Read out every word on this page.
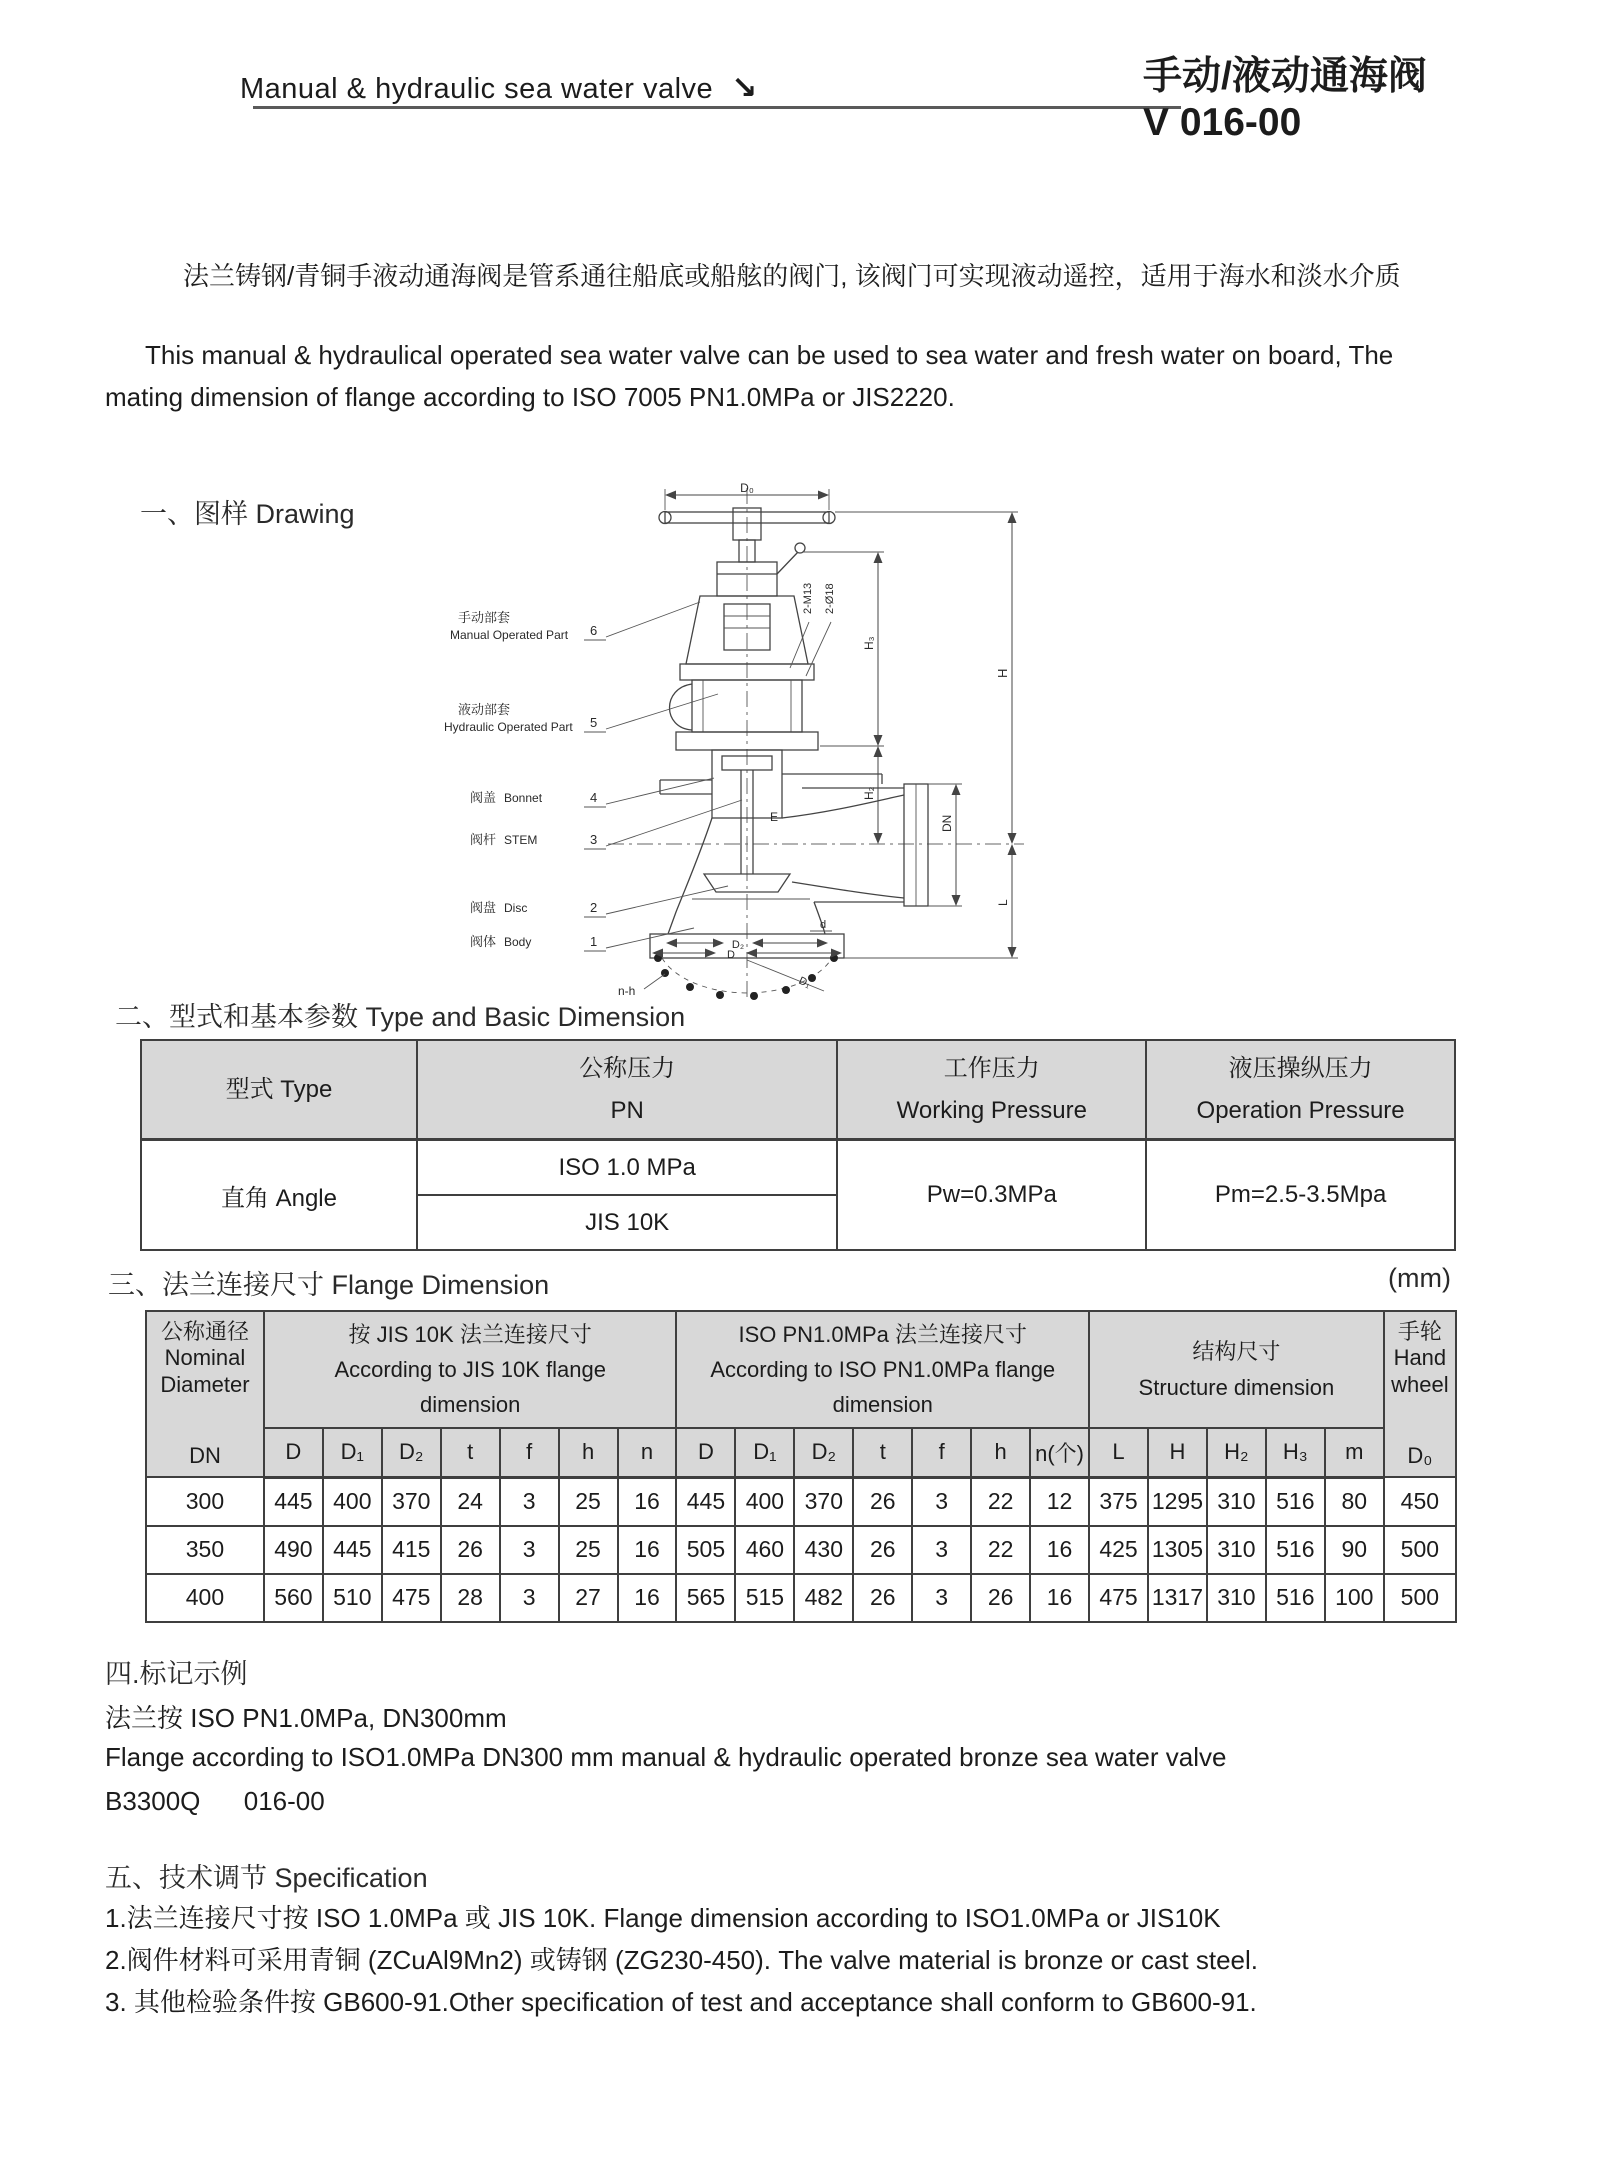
Manual & hydraulic sea water valve ↘	手动/液动通海阀
V 016-00
法兰铸钢/青铜手液动通海阀是管系通往船底或船舷的阀门, 该阀门可实现液动遥控，适用于海水和淡水介质
This manual & hydraulical operated sea water valve can be used to sea water and fresh water on board, The
mating dimension of flange according to ISO 7005 PN1.0MPa or JIS2220.
一、图样 Drawing
D₀
E
n-h
d
D₂
D
D₁
H₃
H₂
DN
H
L
2-M13 2-Ø18
手动部套
Manual Operated Part 6
液动部套
Hydraulic Operated Part 5
阀盖 Bonnet	4
阀杆 STEM	3
阀盘 Disc	2
阀体 Body	1
二、型式和基本参数 Type and Basic Dimension
型式 Type	
公称压力
PN

工作压力
Working Pressure

液压操纵压力
Operation Pressure

直角 Angle	ISO 1.0 MPa	Pw=0.3MPa	Pm=2.5-3.5Mpa
	JIS 10K		
三、法兰连接尺寸 Flange Dimension	(mm)
公称通径
Nominal
Diameter
DN

按 JIS 10K 法兰连接尺寸
According to JIS 10K flange
dimension

ISO PN1.0MPa 法兰连接尺寸
According to ISO PN1.0MPa flange
dimension

结构尺寸
Structure dimension

手轮
Hand
wheel
D₀

	D	D₁	D₂	t	f	h	n	D	D₁	D₂	t	f	h	n(个)	L	H	H₂	H₃	m	
300	445	400	370	24	3	25	16	445	400	370	26	3	22	12	375	1295	310	516	80	450
350	490	445	415	26	3	25	16	505	460	430	26	3	22	16	425	1305	310	516	90	500
400	560	510	475	28	3	27	16	565	515	482	26	3	26	16	475	1317	310	516	100	500
四.标记示例
法兰按 ISO PN1.0MPa, DN300mm
Flange according to ISO1.0MPa DN300 mm manual & hydraulic operated bronze sea water valve
B3300Q      016-00
五、技术调节 Specification
1.法兰连接尺寸按 ISO 1.0MPa 或 JIS 10K. Flange dimension according to ISO1.0MPa or JIS10K
2.阀件材料可采用青铜 (ZCuAl9Mn2) 或铸钢 (ZG230-450). The valve material is bronze or cast steel.
3. 其他检验条件按 GB600-91.Other specification of test and acceptance shall conform to GB600-91.
